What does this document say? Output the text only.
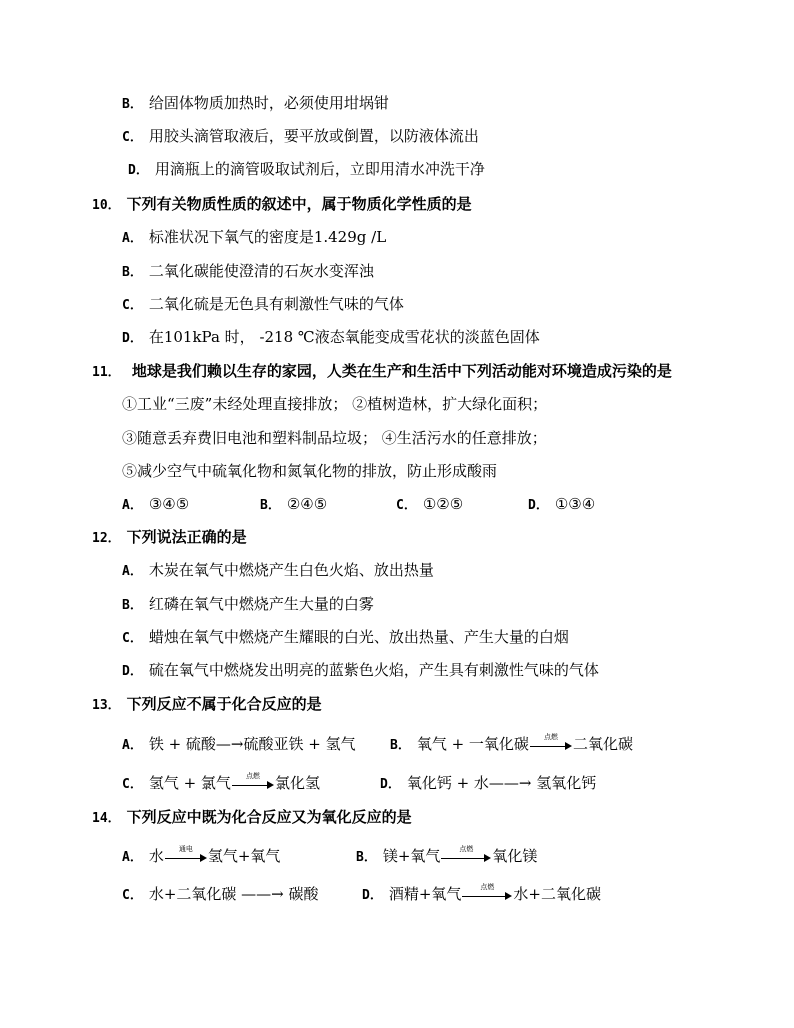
B． 给固体物质加热时，必须使用坩埚钳
C． 用胶头滴管取液后，要平放或倒置，以防液体流出
D． 用滴瓶上的滴管吸取试剂后，立即用清水冲洗干净
10． 下列有关物质性质的叙述中，属于物质化学性质的是
A． 标准状况下氧气的密度是1.429g /L
B． 二氧化碳能使澄清的石灰水变浑浊
C． 二氧化硫是无色具有刺激性气味的气体
D． 在101kPa 时， -218 ℃液态氧能变成雪花状的淡蓝色固体
11． 地球是我们赖以生存的家园，人类在生产和生活中下列活动能对环境造成污染的是
①工业“三废”未经处理直接排放； ②植树造林，扩大绿化面积；
③随意丢弃费旧电池和塑料制品垃圾； ④生活污水的任意排放；
⑤减少空气中硫氧化物和氮氧化物的排放，防止形成酸雨
A． ③④⑤	B． ②④⑤	C． ①②⑤	D． ①③④
12． 下列说法正确的是
A． 木炭在氧气中燃烧产生白色火焰、放出热量
B． 红磷在氧气中燃烧产生大量的白雾
C． 蜡烛在氧气中燃烧产生耀眼的白光、放出热量、产生大量的白烟
D． 硫在氧气中燃烧发出明亮的蓝紫色火焰，产生具有刺激性气味的气体
13． 下列反应不属于化合反应的是
A． 铁 + 硫酸—→硫酸亚铁 + 氢气	B． 氧气 + 一氧化碳	点燃	二氧化碳
C． 氢气 + 氯气	点燃	氯化氢	D． 氧化钙 + 水——→ 氢氧化钙
14． 下列反应中既为化合反应又为氧化反应的是
A． 水	通电	氢气+氧气	B． 镁+氧气	点燃	氧化镁
C． 水+二氧化碳 ——→ 碳酸	D． 酒精+氧气	点燃	水+二氧化碳
